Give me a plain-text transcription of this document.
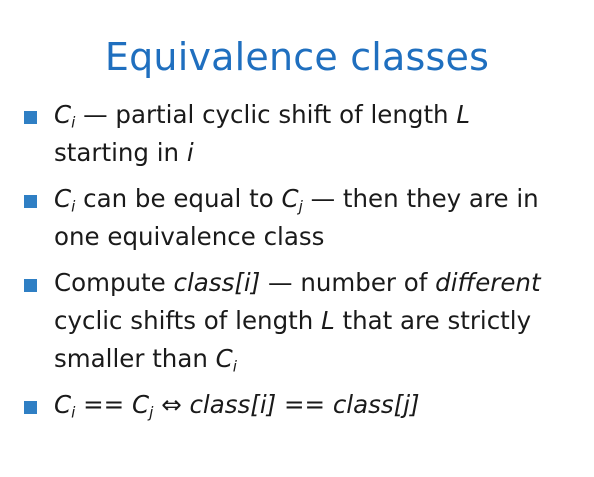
Equivalence classes
$C_i$ — partial cyclic shift of length L
starting in i
$C_i$ can be equal to $C_j$ — then they are in
one equivalence class
Compute class[i] — number of different
cyclic shifts of length L that are strictly
smaller than $C_i$
$C_i == C_j$ ⇔ class[i] == class[j]
